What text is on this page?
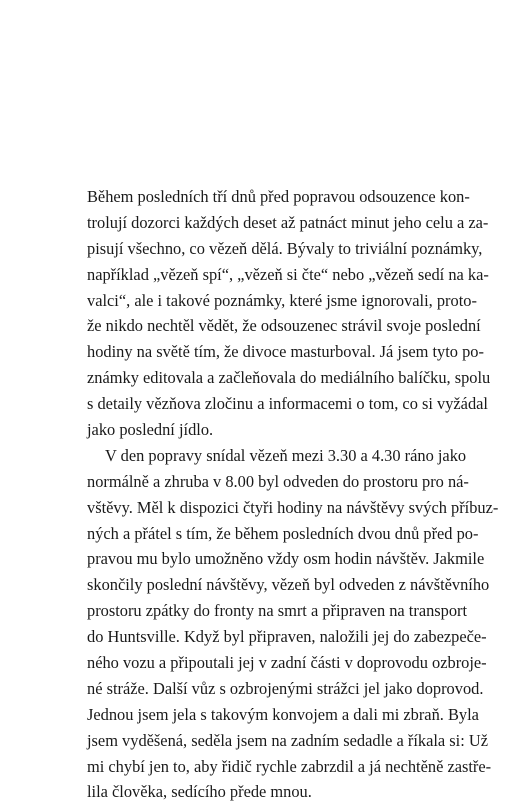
Během posledních tří dnů před popravou odsouzence kon-
trolují dozorci každých deset až patnáct minut jeho celu a za-
pisují všechno, co vězeň dělá. Bývaly to triviální poznámky,
například „vězeň spí“, „vězeň si čte“ nebo „vězeň sedí na ka-
valci“, ale i takové poznámky, které jsme ignorovali, proto-
že nikdo nechtěl vědět, že odsouzenec strávil svoje poslední
hodiny na světě tím, že divoce masturboval. Já jsem tyto po-
známky editovala a začleňovala do mediálního balíčku, spolu
s detaily vězňova zločinu a informacemi o tom, co si vyžádal
jako poslední jídlo.
V den popravy snídal vězeň mezi 3.30 a 4.30 ráno jako
normálně a zhruba v 8.00 byl odveden do prostoru pro ná-
vštěvy. Měl k dispozici čtyři hodiny na návštěvy svých příbuz-
ných a přátel s tím, že během posledních dvou dnů před po-
pravou mu bylo umožněno vždy osm hodin návštěv. Jakmile
skončily poslední návštěvy, vězeň byl odveden z návštěvního
prostoru zpátky do fronty na smrt a připraven na transport
do Huntsville. Když byl připraven, naložili jej do zabezpeče-
ného vozu a připoutali jej v zadní části v doprovodu ozbroje-
né stráže. Další vůz s ozbrojenými strážci jel jako doprovod.
Jednou jsem jela s takovým konvojem a dali mi zbraň. Byla
jsem vyděšená, seděla jsem na zadním sedadle a říkala si: Už
mi chybí jen to, aby řidič rychle zabrzdil a já nechtěně zastře-
lila člověka, sedícího přede mnou.
